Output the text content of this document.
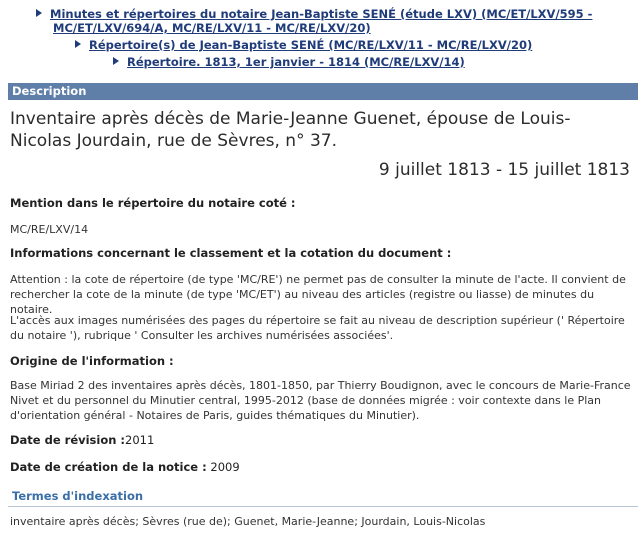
Minutes et répertoires du notaire Jean-Baptiste SENÉ (étude LXV) (MC/ET/LXV/595 -
MC/ET/LXV/694/A, MC/RE/LXV/11 - MC/RE/LXV/20)
Répertoire(s) de Jean-Baptiste SENÉ (MC/RE/LXV/11 - MC/RE/LXV/20)
Répertoire. 1813, 1er janvier - 1814 (MC/RE/LXV/14)
Description
Inventaire après décès de Marie-Jeanne Guenet, épouse de Louis-Nicolas Jourdain, rue de Sèvres, n° 37.
9 juillet 1813 - 15 juillet 1813
Mention dans le répertoire du notaire coté :
MC/RE/LXV/14
Informations concernant le classement et la cotation du document :
Attention : la cote de répertoire (de type 'MC/RE') ne permet pas de consulter la minute de l'acte. Il convient de rechercher la cote de la minute (de type 'MC/ET') au niveau des articles (registre ou liasse) de minutes du notaire.
L'accès aux images numérisées des pages du répertoire se fait au niveau de description supérieur (' Répertoire du notaire '), rubrique ' Consulter les archives numérisées associées'.
Origine de l'information :
Base Miriad 2 des inventaires après décès, 1801-1850, par Thierry Boudignon, avec le concours de Marie-France Nivet et du personnel du Minutier central, 1995-2012 (base de données migrée : voir contexte dans le Plan d'orientation général - Notaires de Paris, guides thématiques du Minutier).
Date de révision :2011
Date de création de la notice : 2009
Termes d'indexation
inventaire après décès; Sèvres (rue de); Guenet, Marie-Jeanne; Jourdain, Louis-Nicolas
